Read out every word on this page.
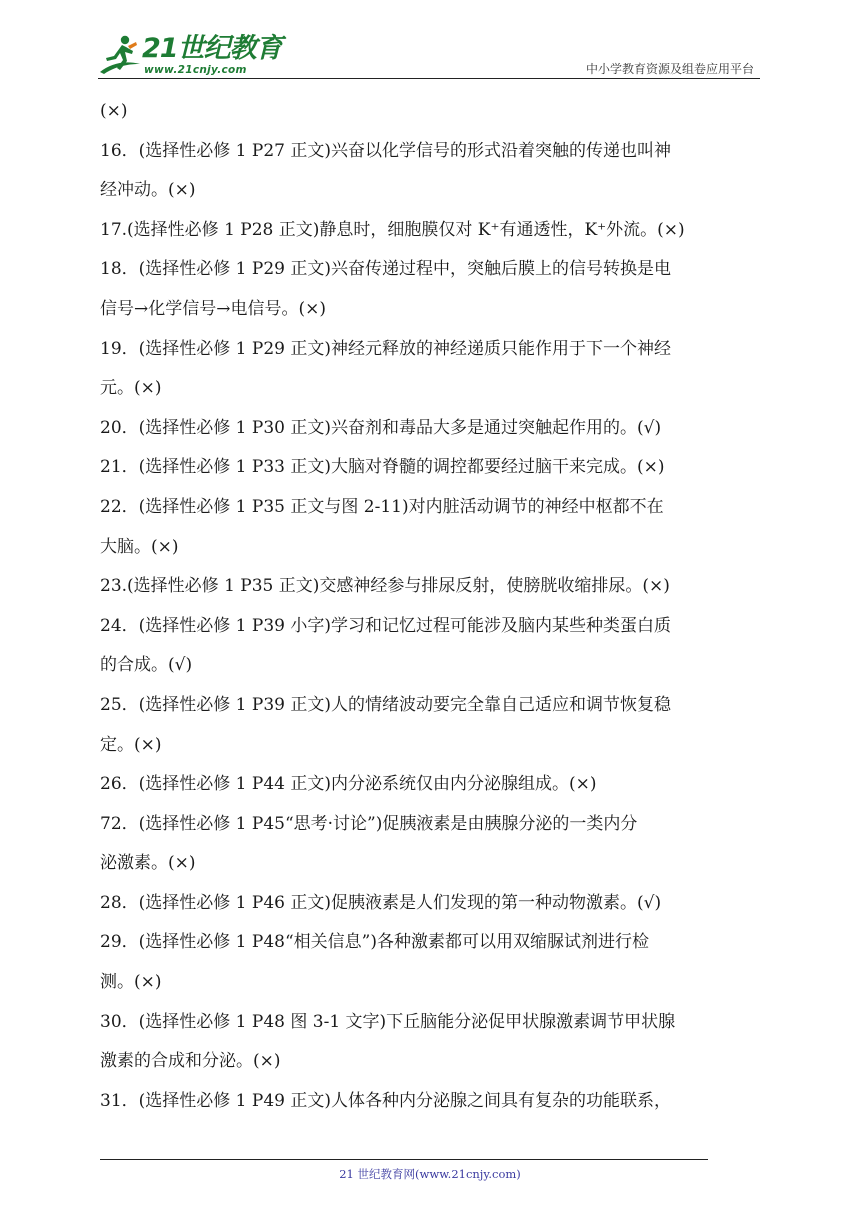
21世纪教育
www.21cnjy.com	中小学教育资源及组卷应用平台
(×)
16．(选择性必修 1 P27 正文)兴奋以化学信号的形式沿着突触的传递也叫神
经冲动。(×)
17.(选择性必修 1 P28 正文)静息时，细胞膜仅对 K⁺有通透性，K⁺外流。(×)
18．(选择性必修 1 P29 正文)兴奋传递过程中，突触后膜上的信号转换是电
信号→化学信号→电信号。(×)
19．(选择性必修 1 P29 正文)神经元释放的神经递质只能作用于下一个神经
元。(×)
20．(选择性必修 1 P30 正文)兴奋剂和毒品大多是通过突触起作用的。(√)
21．(选择性必修 1 P33 正文)大脑对脊髓的调控都要经过脑干来完成。(×)
22．(选择性必修 1 P35 正文与图 2-11)对内脏活动调节的神经中枢都不在
大脑。(×)
23.(选择性必修 1 P35 正文)交感神经参与排尿反射，使膀胱收缩排尿。(×)
24．(选择性必修 1 P39 小字)学习和记忆过程可能涉及脑内某些种类蛋白质
的合成。(√)
25．(选择性必修 1 P39 正文)人的情绪波动要完全靠自己适应和调节恢复稳
定。(×)
26．(选择性必修 1 P44 正文)内分泌系统仅由内分泌腺组成。(×)
72．(选择性必修 1 P45“思考·讨论”)促胰液素是由胰腺分泌的一类内分
泌激素。(×)
28．(选择性必修 1 P46 正文)促胰液素是人们发现的第一种动物激素。(√)
29．(选择性必修 1 P48“相关信息”)各种激素都可以用双缩脲试剂进行检
测。(×)
30．(选择性必修 1 P48 图 3-1 文字)下丘脑能分泌促甲状腺激素调节甲状腺
激素的合成和分泌。(×)
31．(选择性必修 1 P49 正文)人体各种内分泌腺之间具有复杂的功能联系，
21 世纪教育网(www.21cnjy.com)
